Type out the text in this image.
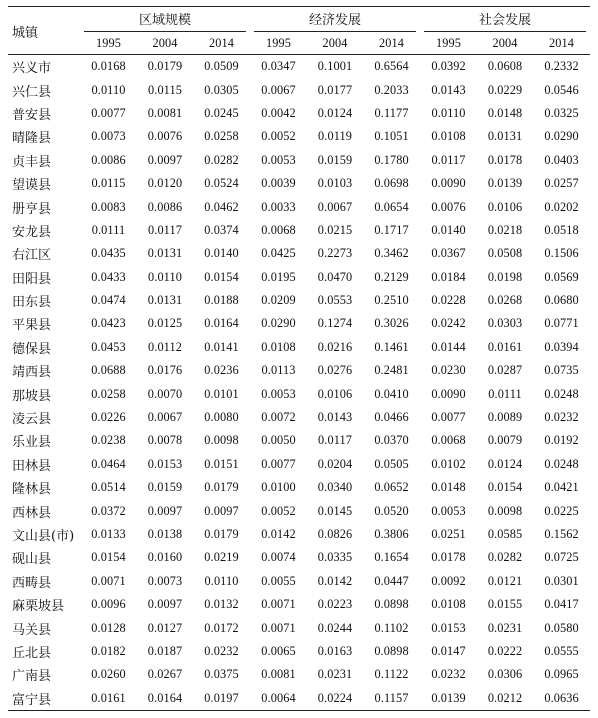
城镇	区域规模			经济发展			社会发展		

	1995	2004	2014	1995	2004	2014	1995	2004	2014
兴义市	0.0168	0.0179	0.0509	0.0347	0.1001	0.6564	0.0392	0.0608	0.2332
兴仁县	0.0110	0.0115	0.0305	0.0067	0.0177	0.2033	0.0143	0.0229	0.0546
普安县	0.0077	0.0081	0.0245	0.0042	0.0124	0.1177	0.0110	0.0148	0.0325
晴隆县	0.0073	0.0076	0.0258	0.0052	0.0119	0.1051	0.0108	0.0131	0.0290
贞丰县	0.0086	0.0097	0.0282	0.0053	0.0159	0.1780	0.0117	0.0178	0.0403
望谟县	0.0115	0.0120	0.0524	0.0039	0.0103	0.0698	0.0090	0.0139	0.0257
册亨县	0.0083	0.0086	0.0462	0.0033	0.0067	0.0654	0.0076	0.0106	0.0202
安龙县	0.0111	0.0117	0.0374	0.0068	0.0215	0.1717	0.0140	0.0218	0.0518
右江区	0.0435	0.0131	0.0140	0.0425	0.2273	0.3462	0.0367	0.0508	0.1506
田阳县	0.0433	0.0110	0.0154	0.0195	0.0470	0.2129	0.0184	0.0198	0.0569
田东县	0.0474	0.0131	0.0188	0.0209	0.0553	0.2510	0.0228	0.0268	0.0680
平果县	0.0423	0.0125	0.0164	0.0290	0.1274	0.3026	0.0242	0.0303	0.0771
德保县	0.0453	0.0112	0.0141	0.0108	0.0216	0.1461	0.0144	0.0161	0.0394
靖西县	0.0688	0.0176	0.0236	0.0113	0.0276	0.2481	0.0230	0.0287	0.0735
那坡县	0.0258	0.0070	0.0101	0.0053	0.0106	0.0410	0.0090	0.0111	0.0248
凌云县	0.0226	0.0067	0.0080	0.0072	0.0143	0.0466	0.0077	0.0089	0.0232
乐业县	0.0238	0.0078	0.0098	0.0050	0.0117	0.0370	0.0068	0.0079	0.0192
田林县	0.0464	0.0153	0.0151	0.0077	0.0204	0.0505	0.0102	0.0124	0.0248
隆林县	0.0514	0.0159	0.0179	0.0100	0.0340	0.0652	0.0148	0.0154	0.0421
西林县	0.0372	0.0097	0.0097	0.0052	0.0145	0.0520	0.0053	0.0098	0.0225
文山县(市)	0.0133	0.0138	0.0179	0.0142	0.0826	0.3806	0.0251	0.0585	0.1562
砚山县	0.0154	0.0160	0.0219	0.0074	0.0335	0.1654	0.0178	0.0282	0.0725
西畴县	0.0071	0.0073	0.0110	0.0055	0.0142	0.0447	0.0092	0.0121	0.0301
麻栗坡县	0.0096	0.0097	0.0132	0.0071	0.0223	0.0898	0.0108	0.0155	0.0417
马关县	0.0128	0.0127	0.0172	0.0071	0.0244	0.1102	0.0153	0.0231	0.0580
丘北县	0.0182	0.0187	0.0232	0.0065	0.0163	0.0898	0.0147	0.0222	0.0555
广南县	0.0260	0.0267	0.0375	0.0081	0.0231	0.1122	0.0232	0.0306	0.0965
富宁县	0.0161	0.0164	0.0197	0.0064	0.0224	0.1157	0.0139	0.0212	0.0636
